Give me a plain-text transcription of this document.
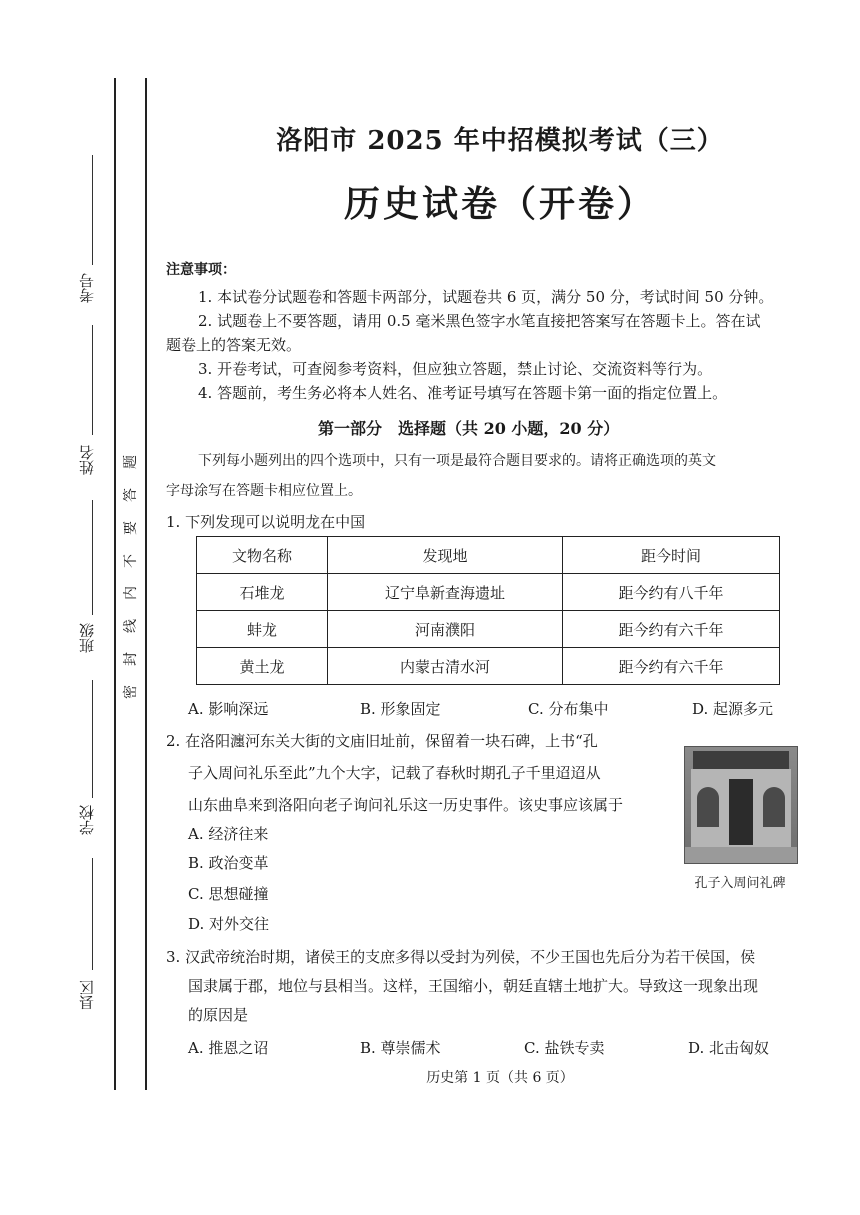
考号
姓名
班级
学校
县区
密
封
线
内
不
要
答
题
洛阳市 2025 年中招模拟考试（三）
历史试卷（开卷）
注意事项：
1. 本试卷分试题卷和答题卡两部分，试题卷共 6 页，满分 50 分，考试时间 50 分钟。
2. 试题卷上不要答题，请用 0.5 毫米黑色签字水笔直接把答案写在答题卡上。答在试
题卷上的答案无效。
3. 开卷考试，可查阅参考资料，但应独立答题，禁止讨论、交流资料等行为。
4. 答题前，考生务必将本人姓名、准考证号填写在答题卡第一面的指定位置上。
第一部分　选择题（共 20 小题，20 分）
下列每小题列出的四个选项中，只有一项是最符合题目要求的。请将正确选项的英文
字母涂写在答题卡相应位置上。
1. 下列发现可以说明龙在中国
文物名称	发现地	距今时间
石堆龙	辽宁阜新查海遗址	距今约有八千年
蚌龙	河南濮阳	距今约有六千年
黄土龙	内蒙古清水河	距今约有六千年
A. 影响深远	B. 形象固定	C. 分布集中	D. 起源多元
2. 在洛阳瀍河东关大街的文庙旧址前，保留着一块石碑，上书“孔
子入周问礼乐至此”九个大字，记载了春秋时期孔子千里迢迢从
山东曲阜来到洛阳向老子询问礼乐这一历史事件。该史事应该属于
A. 经济往来
B. 政治变革
C. 思想碰撞
D. 对外交往
孔子入周问礼碑
3. 汉武帝统治时期，诸侯王的支庶多得以受封为列侯，不少王国也先后分为若干侯国，侯
国隶属于郡，地位与县相当。这样，王国缩小，朝廷直辖土地扩大。导致这一现象出现
的原因是
A. 推恩之诏	B. 尊崇儒术	C. 盐铁专卖	D. 北击匈奴
历史第 1 页（共 6 页）
